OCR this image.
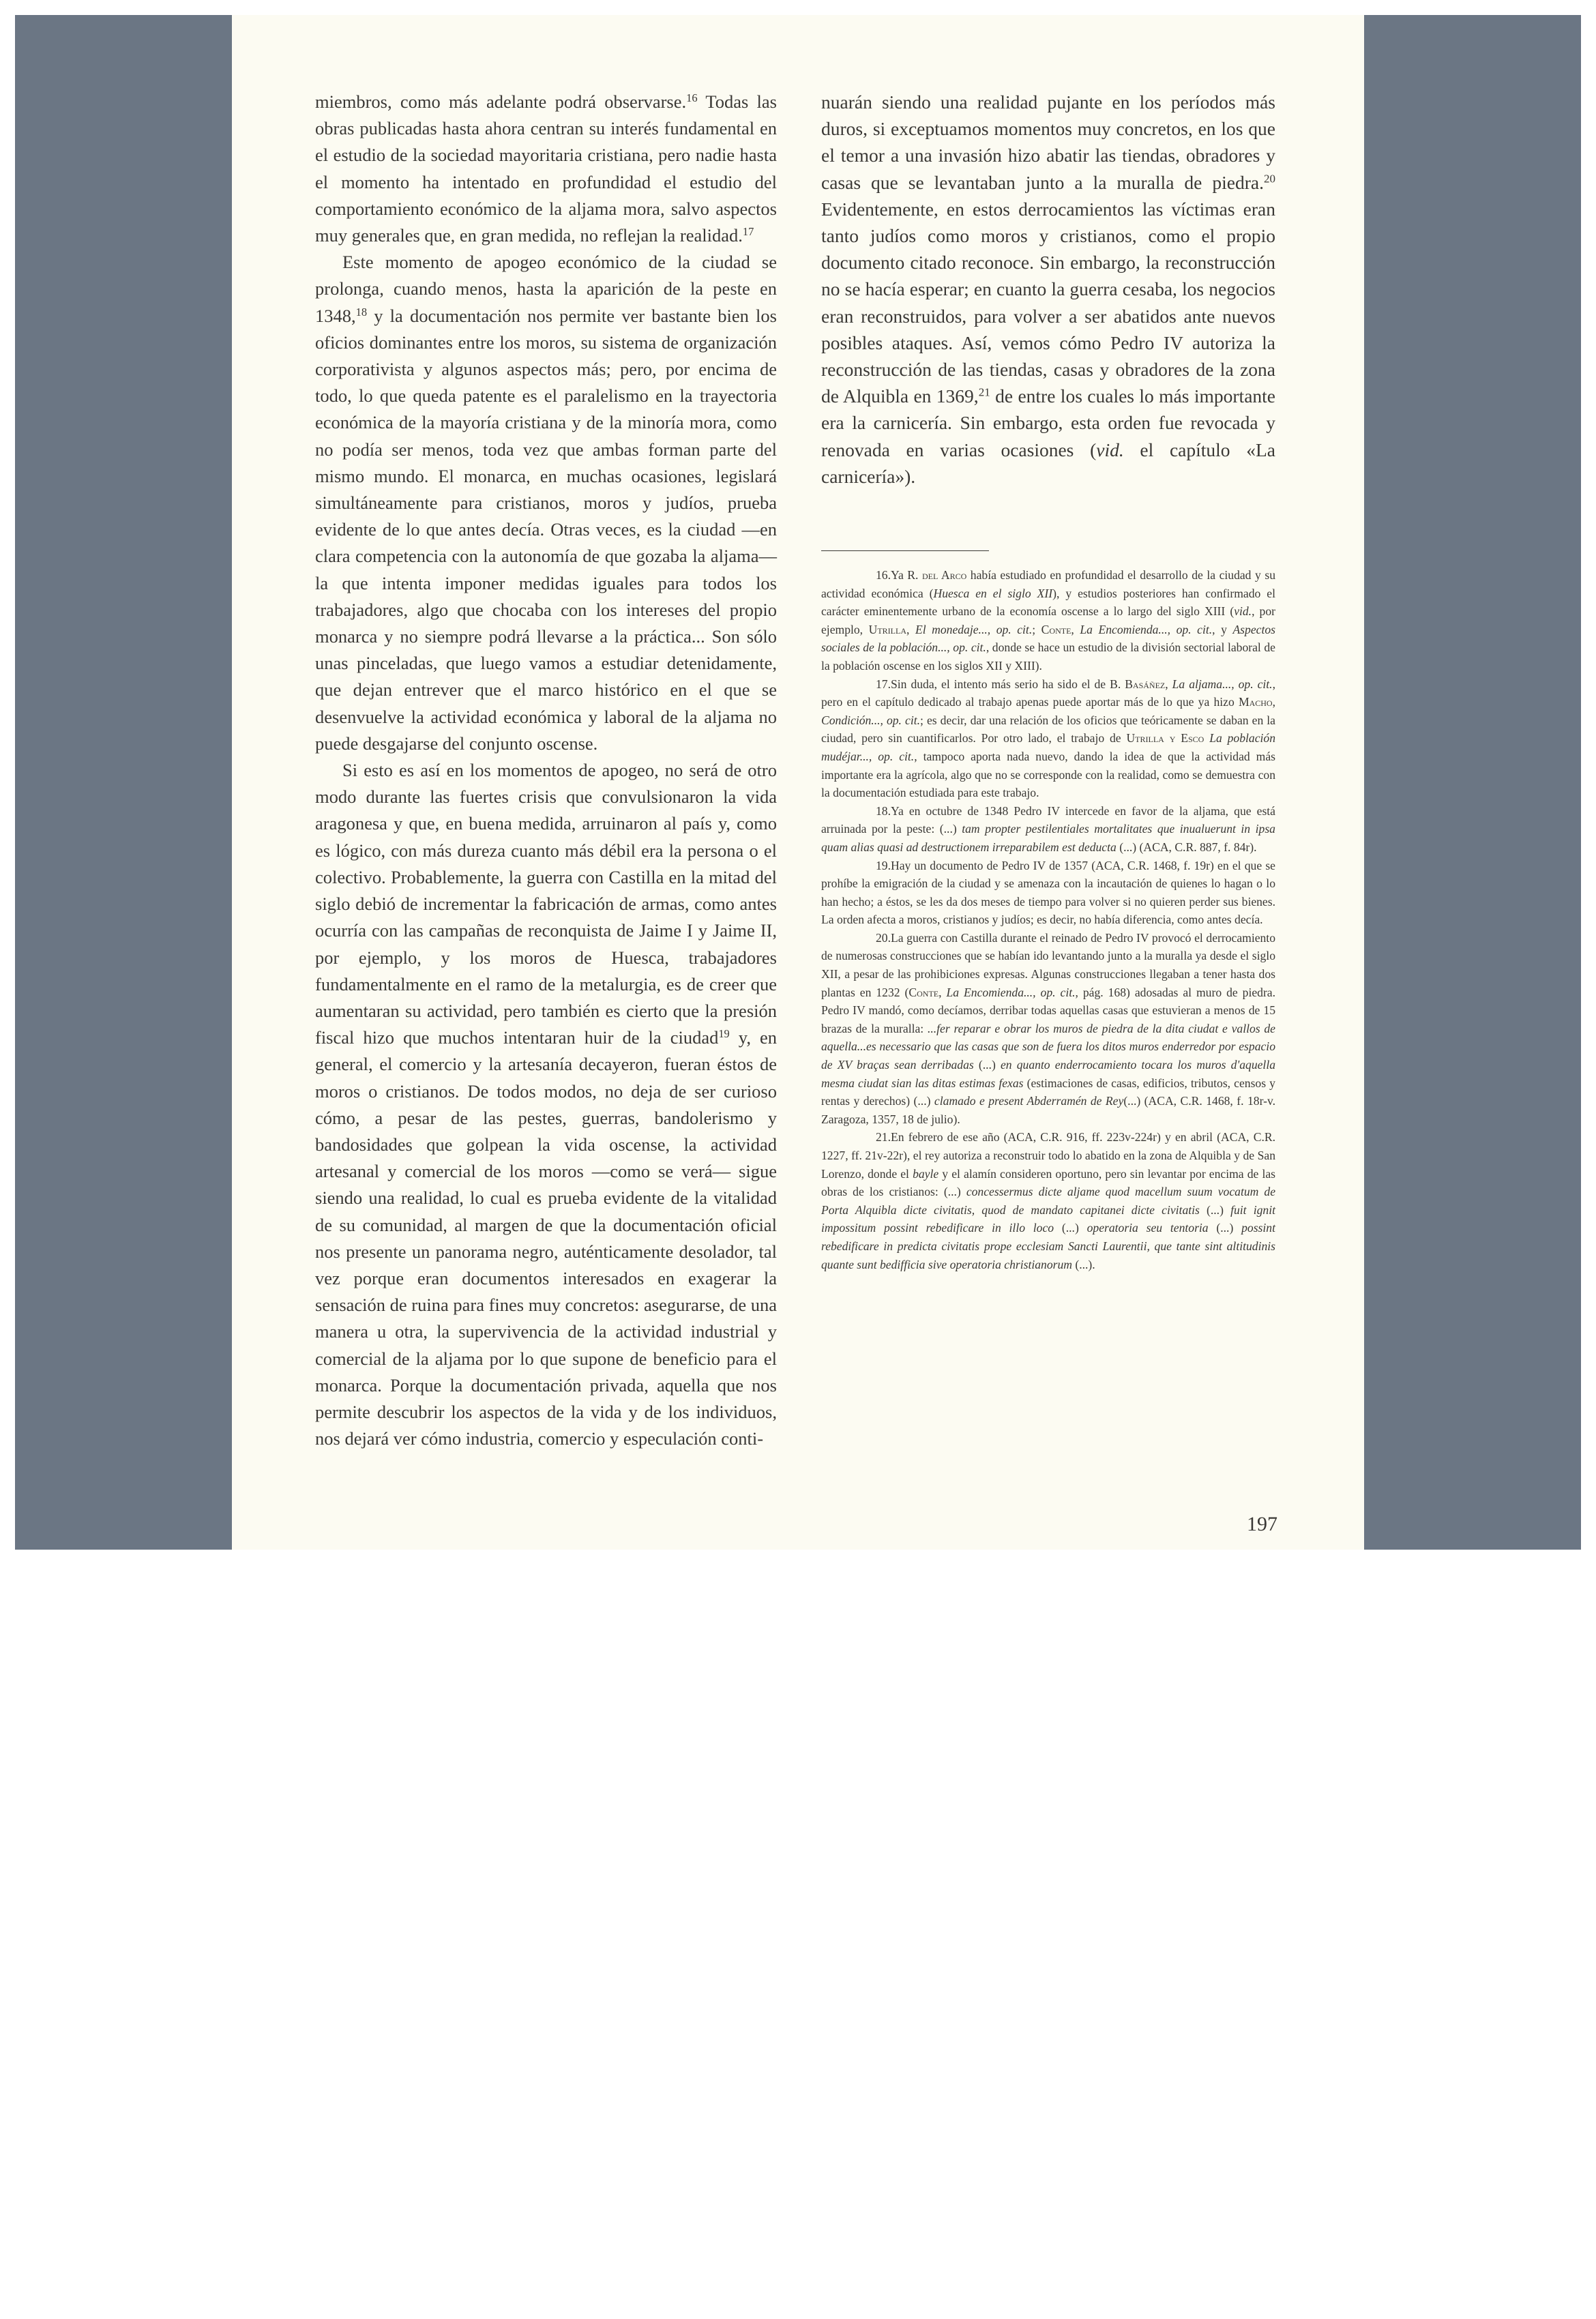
miembros, como más adelante podrá observarse.$^{16}$ Todas las obras publicadas hasta ahora centran su interés fundamental en el estudio de la sociedad mayoritaria cristiana, pero nadie hasta el momento ha intentado en profundidad el estudio del comportamiento económico de la aljama mora, salvo aspectos muy generales que, en gran medida, no reflejan la realidad.$^{17}$

Este momento de apogeo económico de la ciudad se prolonga, cuando menos, hasta la aparición de la peste en 1348,18 y la documentación nos permite ver bastante bien los oficios dominantes entre los moros, su sistema de organización corporativista y algunos aspectos más; pero, por encima de todo, lo que queda patente es el paralelismo en la trayectoria económica de la mayoría cristiana y de la minoría mora, como no podía ser menos, toda vez que ambas forman parte del mismo mundo. El monarca, en muchas ocasiones, legislará simultáneamente para cristianos, moros y judíos, prueba evidente de lo que antes decía. Otras veces, es la ciudad —en clara competencia con la autonomía de que gozaba la aljama— la que intenta imponer medidas iguales para todos los trabajadores, algo que chocaba con los intereses del propio monarca y no siempre podrá llevarse a la práctica... Son sólo unas pinceladas, que luego vamos a estudiar detenidamente, que dejan entrever que el marco histórico en el que se desenvuelve la actividad económica y laboral de la aljama no puede desgajarse del conjunto oscense.

Si esto es así en los momentos de apogeo, no será de otro modo durante las fuertes crisis que convulsionaron la vida aragonesa y que, en buena medida, arruinaron al país y, como es lógico, con más dureza cuanto más débil era la persona o el colectivo. Probablemente, la guerra con Castilla en la mitad del siglo debió de incrementar la fabricación de armas, como antes ocurría con las campañas de reconquista de Jaime I y Jaime II, por ejemplo, y los moros de Huesca, trabajadores fundamentalmente en el ramo de la metalurgia, es de creer que aumentaran su actividad, pero también es cierto que la presión fiscal hizo que muchos intentaran huir de la ciudad$^{19}$ y, en general, el comercio y la artesanía decayeron, fueran éstos de moros o cristianos. De todos modos, no deja de ser curioso cómo, a pesar de las pestes, guerras, bandolerismo y bandosidades que golpean la vida oscense, la actividad artesanal y comercial de los moros —como se verá— sigue siendo una realidad, lo cual es prueba evidente de la vitalidad de su comunidad, al margen de que la documentación oficial nos presente un panorama negro, auténticamente desolador, tal vez porque eran documentos interesados en exagerar la sensación de ruina para fines muy concretos: asegurarse, de una manera u otra, la supervivencia de la actividad industrial y comercial de la aljama por lo que supone de beneficio para el monarca. Porque la documentación privada, aquella que nos permite descubrir los aspectos de la vida y de los individuos, nos dejará ver cómo industria, comercio y especulación conti-

nuarán siendo una realidad pujante en los períodos más duros, si exceptuamos momentos muy concretos, en los que el temor a una invasión hizo abatir las tiendas, obradores y casas que se levantaban junto a la muralla de piedra.$^{20}$ Evidentemente, en estos derrocamientos las víctimas eran tanto judíos como moros y cristianos, como el propio documento citado reconoce. Sin embargo, la reconstrucción no se hacía esperar; en cuanto la guerra cesaba, los negocios eran reconstruidos, para volver a ser abatidos ante nuevos posibles ataques. Así, vemos cómo Pedro IV autoriza la reconstrucción de las tiendas, casas y obradores de la zona de Alquibla en 1369,21 de entre los cuales lo más importante era la carnicería. Sin embargo, esta orden fue revocada y renovada en varias ocasiones (vid. el capítulo «La carnicería»).

16.Ya R. del Arco había estudiado en profundidad el desarrollo de la ciudad y su actividad económica (Huesca en el siglo XII), y estudios posteriores han confirmado el carácter eminentemente urbano de la economía oscense a lo largo del siglo XIII (vid., por ejemplo, Utrilla, El monedaje..., op. cit.; Conte, La Encomienda..., op. cit., y Aspectos sociales de la población..., op. cit., donde se hace un estudio de la división sectorial laboral de la población oscense en los siglos XII y XIII).

17.Sin duda, el intento más serio ha sido el de B. Basáñez, La aljama..., op. cit., pero en el capítulo dedicado al trabajo apenas puede aportar más de lo que ya hizo Macho, Condición..., op. cit.; es decir, dar una relación de los oficios que teóricamente se daban en la ciudad, pero sin cuantificarlos. Por otro lado, el trabajo de Utrilla y Esco La población mudéjar..., op. cit., tampoco aporta nada nuevo, dando la idea de que la actividad más importante era la agrícola, algo que no se corresponde con la realidad, como se demuestra con la documentación estudiada para este trabajo.

18.Ya en octubre de 1348 Pedro IV intercede en favor de la aljama, que está arruinada por la peste: (...) tam propter pestilentiales mortalitates que inualuerunt in ipsa quam alias quasi ad destructionem irreparabilem est deducta (...) (ACA, C.R. 887, f. 84r).

19.Hay un documento de Pedro IV de 1357 (ACA, C.R. 1468, f. 19r) en el que se prohíbe la emigración de la ciudad y se amenaza con la incautación de quienes lo hagan o lo han hecho; a éstos, se les da dos meses de tiempo para volver si no quieren perder sus bienes. La orden afecta a moros, cristianos y judíos; es decir, no había diferencia, como antes decía.

20.La guerra con Castilla durante el reinado de Pedro IV provocó el derrocamiento de numerosas construcciones que se habían ido levantando junto a la muralla ya desde el siglo XII, a pesar de las prohibiciones expresas. Algunas construcciones llegaban a tener hasta dos plantas en 1232 (Conte, La Encomienda..., op. cit., pág. 168) adosadas al muro de piedra. Pedro IV mandó, como decíamos, derribar todas aquellas casas que estuvieran a menos de 15 brazas de la muralla: ...fer reparar e obrar los muros de piedra de la dita ciudat e vallos de aquella...es necessario que las casas que son de fuera los ditos muros enderredor por espacio de XV braças sean derribadas (...) en quanto enderrocamiento tocara los muros d'aquella mesma ciudat sian las ditas estimas fexas (estimaciones de casas, edificios, tributos, censos y rentas y derechos) (...) clamado e present Abderramén de Rey(...) (ACA, C.R. 1468, f. 18r-v. Zaragoza, 1357, 18 de julio).

21.En febrero de ese año (ACA, C.R. 916, ff. 223v-224r) y en abril (ACA, C.R. 1227, ff. 21v-22r), el rey autoriza a reconstruir todo lo abatido en la zona de Alquibla y de San Lorenzo, donde el bayle y el alamín consideren oportuno, pero sin levantar por encima de las obras de los cristianos: (...) concessermus dicte aljame quod macellum suum vocatum de Porta Alquibla dicte civitatis, quod de mandato capitanei dicte civitatis (...) fuit ignit impossitum possint rebedificare in illo loco (...) operatoria seu tentoria (...) possint rebedificare in predicta civitatis prope ecclesiam Sancti Laurentii, que tante sint altitudinis quante sunt bedifficia sive operatoria christianorum (...).

197
